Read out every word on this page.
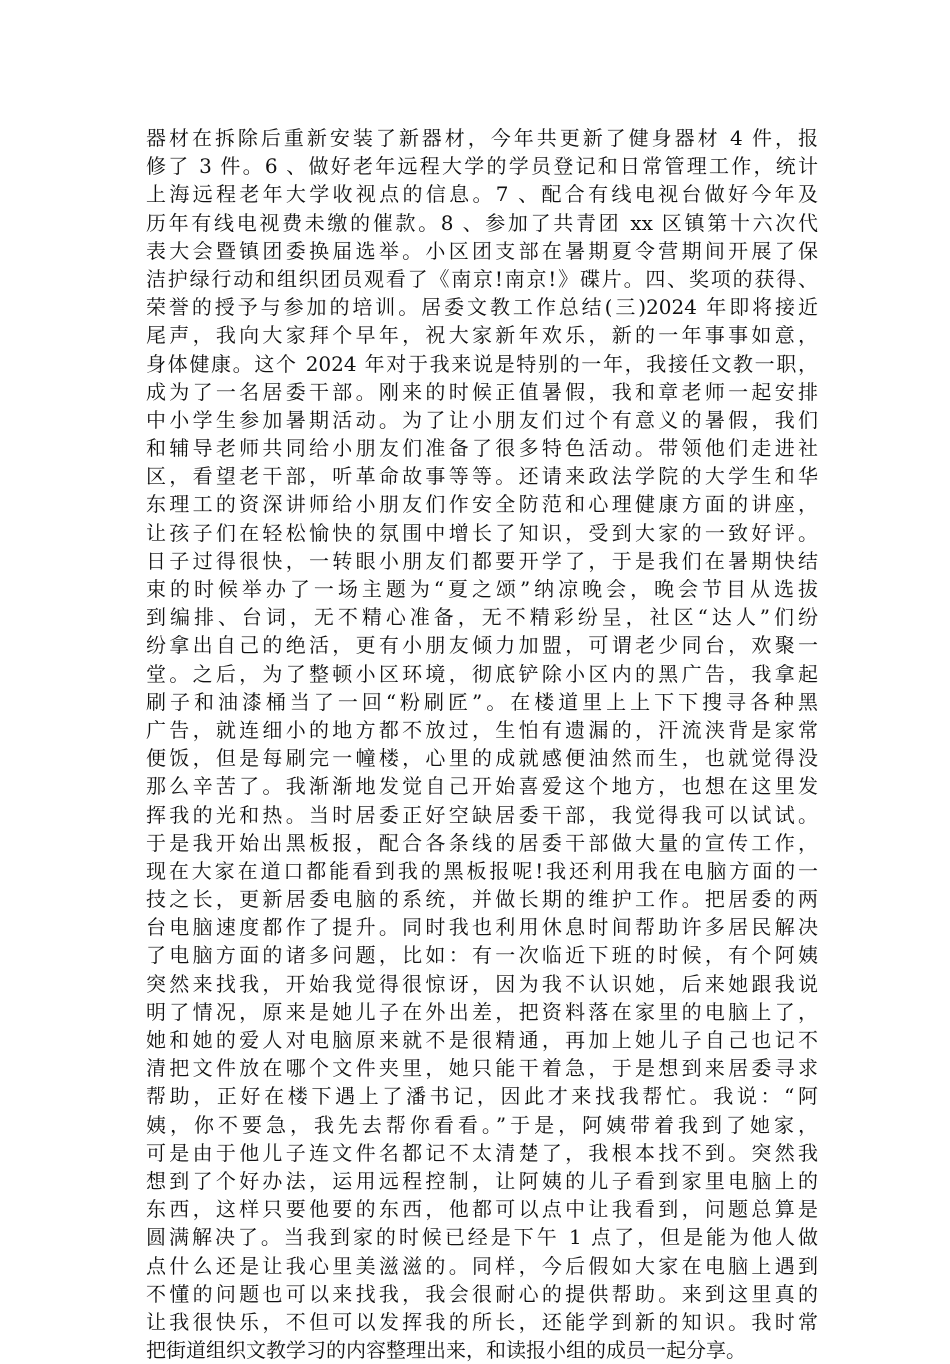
器材在拆除后重新安装了新器材，今年共更新了健身器材 4 件，报
修了 3 件。6 、做好老年远程大学的学员登记和日常管理工作，统计
上海远程老年大学收视点的信息。7 、配合有线电视台做好今年及
历年有线电视费未缴的催款。8 、参加了共青团 xx 区镇第十六次代
表大会暨镇团委换届选举。小区团支部在暑期夏令营期间开展了保
洁护绿行动和组织团员观看了《南京!南京!》碟片。四、奖项的获得、
荣誉的授予与参加的培训。居委文教工作总结(三)2024 年即将接近
尾声，我向大家拜个早年，祝大家新年欢乐，新的一年事事如意，
身体健康。这个 2024 年对于我来说是特别的一年，我接任文教一职，
成为了一名居委干部。刚来的时候正值暑假，我和章老师一起安排
中小学生参加暑期活动。为了让小朋友们过个有意义的暑假，我们
和辅导老师共同给小朋友们准备了很多特色活动。带领他们走进社
区，看望老干部，听革命故事等等。还请来政法学院的大学生和华
东理工的资深讲师给小朋友们作安全防范和心理健康方面的讲座，
让孩子们在轻松愉快的氛围中增长了知识，受到大家的一致好评。
日子过得很快，一转眼小朋友们都要开学了，于是我们在暑期快结
束的时候举办了一场主题为“夏之颂”纳凉晚会，晚会节目从选拔
到编排、台词，无不精心准备，无不精彩纷呈，社区“达人”们纷
纷拿出自己的绝活，更有小朋友倾力加盟，可谓老少同台，欢聚一
堂。之后，为了整顿小区环境，彻底铲除小区内的黑广告，我拿起
刷子和油漆桶当了一回“粉刷匠”。在楼道里上上下下搜寻各种黑
广告，就连细小的地方都不放过，生怕有遗漏的，汗流浃背是家常
便饭，但是每刷完一幢楼，心里的成就感便油然而生，也就觉得没
那么辛苦了。我渐渐地发觉自己开始喜爱这个地方，也想在这里发
挥我的光和热。当时居委正好空缺居委干部，我觉得我可以试试。
于是我开始出黑板报，配合各条线的居委干部做大量的宣传工作，
现在大家在道口都能看到我的黑板报呢!我还利用我在电脑方面的一
技之长，更新居委电脑的系统，并做长期的维护工作。把居委的两
台电脑速度都作了提升。同时我也利用休息时间帮助许多居民解决
了电脑方面的诸多问题，比如：有一次临近下班的时候，有个阿姨
突然来找我，开始我觉得很惊讶，因为我不认识她，后来她跟我说
明了情况，原来是她儿子在外出差，把资料落在家里的电脑上了，
她和她的爱人对电脑原来就不是很精通，再加上她儿子自己也记不
清把文件放在哪个文件夹里，她只能干着急，于是想到来居委寻求
帮助，正好在楼下遇上了潘书记，因此才来找我帮忙。我说：“阿
姨，你不要急，我先去帮你看看。”于是，阿姨带着我到了她家，
可是由于他儿子连文件名都记不太清楚了，我根本找不到。突然我
想到了个好办法，运用远程控制，让阿姨的儿子看到家里电脑上的
东西，这样只要他要的东西，他都可以点中让我看到，问题总算是
圆满解决了。当我到家的时候已经是下午 1 点了，但是能为他人做
点什么还是让我心里美滋滋的。同样，今后假如大家在电脑上遇到
不懂的问题也可以来找我，我会很耐心的提供帮助。来到这里真的
让我很快乐，不但可以发挥我的所长，还能学到新的知识。我时常
把街道组织文教学习的内容整理出来，和读报小组的成员一起分享。
